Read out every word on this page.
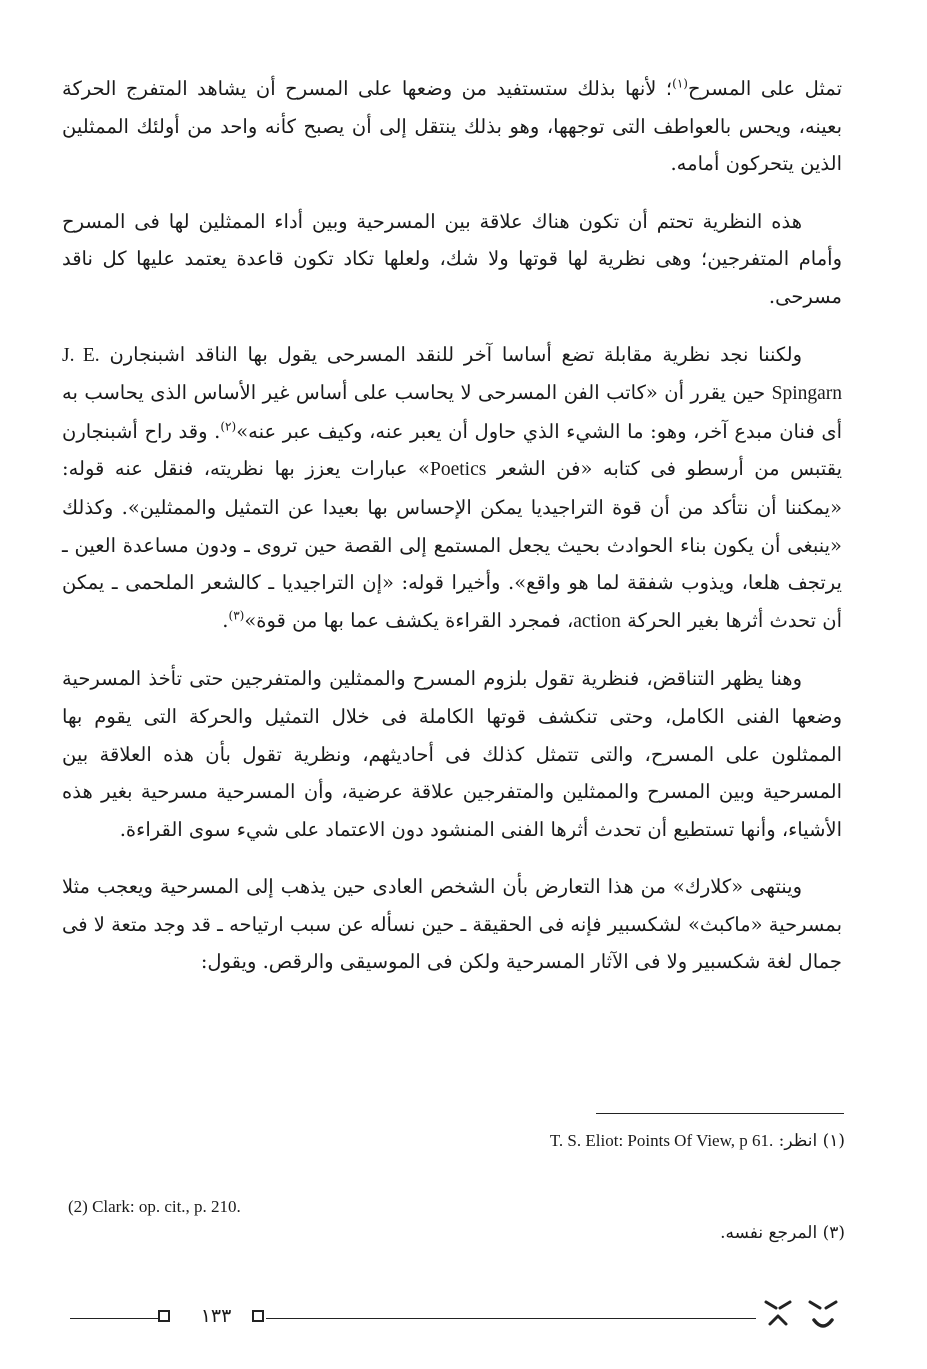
تمثل على المسرح$^{(١)}$؛ لأنها بذلك ستستفيد من وضعها على المسرح أن يشاهد المتفرج الحركة بعينه، ويحس بالعواطف التى توجهها، وهو بذلك ينتقل إلى أن يصبح كأنه واحد من أولئك الممثلين الذين يتحركون أمامه.

هذه النظرية تحتم أن تكون هناك علاقة بين المسرحية وبين أداء الممثلين لها فى المسرح وأمام المتفرجين؛ وهى نظرية لها قوتها ولا شك، ولعلها تكاد تكون قاعدة يعتمد عليها كل ناقد مسرحى.

ولكننا نجد نظرية مقابلة تضع أساسا آخر للنقد المسرحى يقول بها الناقد اشبنجارن J. E. Spingarn حين يقرر أن «كاتب الفن المسرحى لا يحاسب على أساس غير الأساس الذى يحاسب به أى فنان مبدع آخر، وهو: ما الشيء الذي حاول أن يعبر عنه، وكيف عبر عنه»$^{(٢)}$. وقد راح أشبنجارن يقتبس من أرسطو فى كتابه «فن الشعر Poetics» عبارات يعزز بها نظريته، فنقل عنه قوله: «يمكننا أن نتأكد من أن قوة التراجيديا يمكن الإحساس بها بعيدا عن التمثيل والممثلين». وكذلك «ينبغى أن يكون بناء الحوادث بحيث يجعل المستمع إلى القصة حين تروى ـ ودون مساعدة العين ـ يرتجف هلعا، ويذوب شفقة لما هو واقع». وأخيرا قوله: «إن التراجيديا ـ كالشعر الملحمى ـ يمكن أن تحدث أثرها بغير الحركة action، فمجرد القراءة يكشف عما بها من قوة»$^{(٣)}$.

وهنا يظهر التناقض، فنظرية تقول بلزوم المسرح والممثلين والمتفرجين حتى تأخذ المسرحية وضعها الفنى الكامل، وحتى تنكشف قوتها الكاملة فى خلال التمثيل والحركة التى يقوم بها الممثلون على المسرح، والتى تتمثل كذلك فى أحاديثهم، ونظرية تقول بأن هذه العلاقة بين المسرحية وبين المسرح والممثلين والمتفرجين علاقة عرضية، وأن المسرحية مسرحية بغير هذه الأشياء، وأنها تستطيع أن تحدث أثرها الفنى المنشود دون الاعتماد على شيء سوى القراءة.

وينتهى «كلارك» من هذا التعارض بأن الشخص العادى حين يذهب إلى المسرحية ويعجب مثلا بمسرحية «ماكبث» لشكسبير فإنه فى الحقيقة ـ حين نسأله عن سبب ارتياحه ـ قد وجد متعة لا فى جمال لغة شكسبير ولا فى الآثار المسرحية ولكن فى الموسيقى والرقص. ويقول:

(١) انظر: T. S. Eliot: Points Of View, p 61.
(2) Clark: op. cit., p. 210.
(٣) المرجع نفسه.
١٣٣
